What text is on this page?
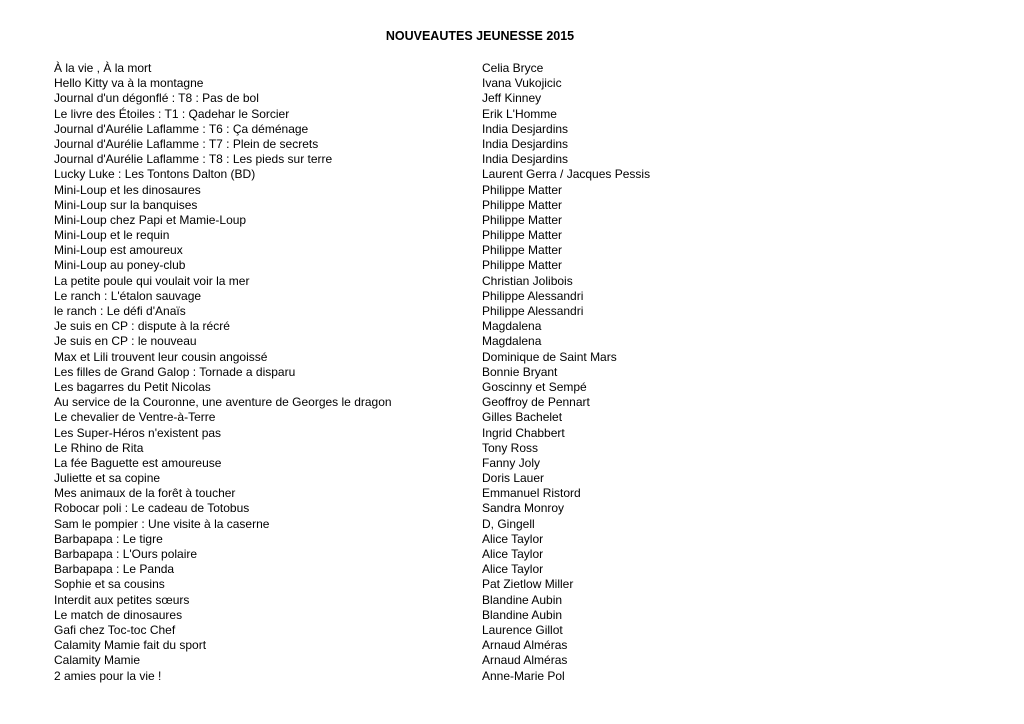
NOUVEAUTES JEUNESSE 2015
À la vie , À la mort	Celia Bryce
Hello Kitty va à la montagne	Ivana Vukojicic
Journal d'un dégonflé : T8 : Pas de bol	Jeff Kinney
Le livre des Étoiles : T1 : Qadehar le Sorcier	Erik L'Homme
Journal d'Aurélie Laflamme : T6 : Ça déménage	India Desjardins
Journal d'Aurélie Laflamme : T7 : Plein de secrets	India Desjardins
Journal d'Aurélie Laflamme : T8 : Les pieds sur terre	India Desjardins
Lucky Luke : Les Tontons Dalton (BD)	Laurent Gerra / Jacques Pessis
Mini-Loup et les dinosaures	Philippe Matter
Mini-Loup sur la banquises	Philippe Matter
Mini-Loup chez Papi et Mamie-Loup	Philippe Matter
Mini-Loup et le requin	Philippe Matter
Mini-Loup est amoureux	Philippe Matter
Mini-Loup au poney-club	Philippe Matter
La petite poule qui voulait voir la mer	Christian Jolibois
Le ranch : L'étalon sauvage	Philippe Alessandri
le ranch : Le défi d'Anaïs	Philippe Alessandri
Je suis en CP : dispute à la récré	Magdalena
Je suis en CP : le nouveau	Magdalena
Max et Lili trouvent leur cousin angoissé	Dominique de Saint Mars
Les filles de Grand Galop : Tornade a disparu	Bonnie Bryant
Les bagarres du Petit Nicolas	Goscinny et Sempé
Au service de la Couronne, une aventure de Georges le dragon	Geoffroy de Pennart
Le chevalier de Ventre-à-Terre	Gilles Bachelet
Les Super-Héros n'existent pas	Ingrid Chabbert
Le Rhino de Rita	Tony Ross
La fée Baguette est amoureuse	Fanny Joly
Juliette et sa copine	Doris Lauer
Mes animaux de la forêt à toucher	Emmanuel Ristord
Robocar poli : Le cadeau de Totobus	Sandra Monroy
Sam le pompier : Une visite à la caserne	D, Gingell
Barbapapa : Le tigre	Alice Taylor
Barbapapa : L'Ours polaire	Alice Taylor
Barbapapa : Le Panda	Alice Taylor
Sophie et sa cousins	Pat Zietlow Miller
Interdit aux petites sœurs	Blandine Aubin
Le match de dinosaures	Blandine Aubin
Gafi chez Toc-toc Chef	Laurence Gillot
Calamity Mamie fait du sport	Arnaud Alméras
Calamity Mamie	Arnaud Alméras
2 amies pour la vie !	Anne-Marie Pol
